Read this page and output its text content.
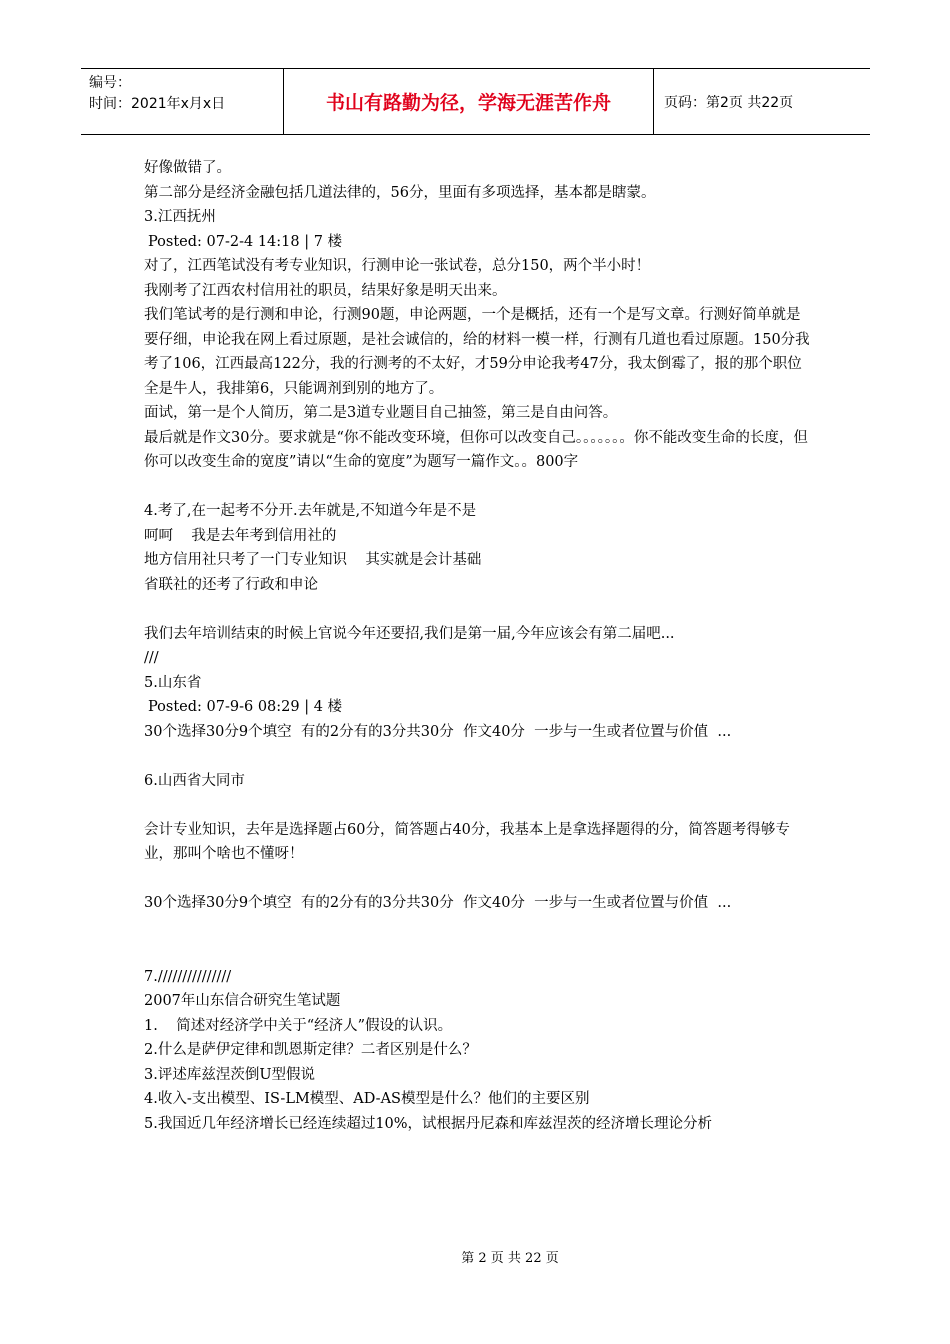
编号：
时间：2021年x月x日	书山有路勤为径，学海无涯苦作舟	页码：第2页 共22页

好像做错了。

第二部分是经济金融包括几道法律的，56分，里面有多项选择，基本都是瞎蒙。

3.江西抚州

Posted: 07-2-4 14:18 | 7 楼

对了，江西笔试没有考专业知识，行测申论一张试卷，总分150，两个半小时！

我刚考了江西农村信用社的职员，结果好象是明天出来。

我们笔试考的是行测和申论，行测90题，申论两题，一个是概括，还有一个是写文章。行测好简单就是要仔细，申论我在网上看过原题，是社会诚信的，给的材料一模一样，行测有几道也看过原题。150分我考了106，江西最高122分，我的行测考的不太好，才59分申论我考47分，我太倒霉了，报的那个职位全是牛人，我排第6，只能调剂到别的地方了。

面试，第一是个人简历，第二是3道专业题目自己抽签，第三是自由问答。

最后就是作文30分。要求就是“你不能改变环境，但你可以改变自己。。。。。。。你不能改变生命的长度，但你可以改变生命的宽度”请以“生命的宽度”为题写一篇作文。。800字

4.考了,在一起考不分开.去年就是,不知道今年是不是

呵呵    我是去年考到信用社的

地方信用社只考了一门专业知识    其实就是会计基础

省联社的还考了行政和申论

我们去年培训结束的时候上官说今年还要招,我们是第一届,今年应该会有第二届吧...

///

5.山东省

Posted: 07-9-6 08:29 | 4 楼

30个选择30分9个填空  有的2分有的3分共30分  作文40分  一步与一生或者位置与价值  ...

6.山西省大同市

会计专业知识，去年是选择题占60分，简答题占40分，我基本上是拿选择题得的分，简答题考得够专业，那叫个啥也不懂呀！

30个选择30分9个填空  有的2分有的3分共30分  作文40分  一步与一生或者位置与价值  ...

7.///////////////

2007年山东信合研究生笔试题

1.    简述对经济学中关于“经济人”假设的认识。

2.什么是萨伊定律和凯恩斯定律？二者区别是什么？

3.评述库兹涅茨倒U型假说

4.收入-支出模型、IS-LM模型、AD-AS模型是什么？他们的主要区别

5.我国近几年经济增长已经连续超过10%，试根据丹尼森和库兹涅茨的经济增长理论分析

第 2 页 共 22 页
